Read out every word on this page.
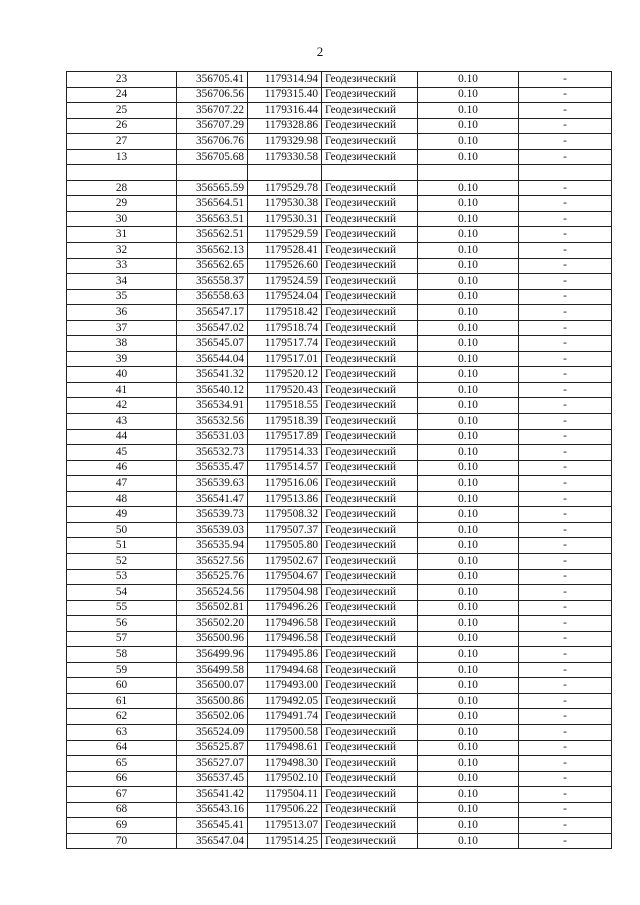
2
23	356705.41	1179314.94	Геодезический	0.10	-
24	356706.56	1179315.40	Геодезический	0.10	-
25	356707.22	1179316.44	Геодезический	0.10	-
26	356707.29	1179328.86	Геодезический	0.10	-
27	356706.76	1179329.98	Геодезический	0.10	-
13	356705.68	1179330.58	Геодезический	0.10	-

28	356565.59	1179529.78	Геодезический	0.10	-
29	356564.51	1179530.38	Геодезический	0.10	-
30	356563.51	1179530.31	Геодезический	0.10	-
31	356562.51	1179529.59	Геодезический	0.10	-
32	356562.13	1179528.41	Геодезический	0.10	-
33	356562.65	1179526.60	Геодезический	0.10	-
34	356558.37	1179524.59	Геодезический	0.10	-
35	356558.63	1179524.04	Геодезический	0.10	-
36	356547.17	1179518.42	Геодезический	0.10	-
37	356547.02	1179518.74	Геодезический	0.10	-
38	356545.07	1179517.74	Геодезический	0.10	-
39	356544.04	1179517.01	Геодезический	0.10	-
40	356541.32	1179520.12	Геодезический	0.10	-
41	356540.12	1179520.43	Геодезический	0.10	-
42	356534.91	1179518.55	Геодезический	0.10	-
43	356532.56	1179518.39	Геодезический	0.10	-
44	356531.03	1179517.89	Геодезический	0.10	-
45	356532.73	1179514.33	Геодезический	0.10	-
46	356535.47	1179514.57	Геодезический	0.10	-
47	356539.63	1179516.06	Геодезический	0.10	-
48	356541.47	1179513.86	Геодезический	0.10	-
49	356539.73	1179508.32	Геодезический	0.10	-
50	356539.03	1179507.37	Геодезический	0.10	-
51	356535.94	1179505.80	Геодезический	0.10	-
52	356527.56	1179502.67	Геодезический	0.10	-
53	356525.76	1179504.67	Геодезический	0.10	-
54	356524.56	1179504.98	Геодезический	0.10	-
55	356502.81	1179496.26	Геодезический	0.10	-
56	356502.20	1179496.58	Геодезический	0.10	-
57	356500.96	1179496.58	Геодезический	0.10	-
58	356499.96	1179495.86	Геодезический	0.10	-
59	356499.58	1179494.68	Геодезический	0.10	-
60	356500.07	1179493.00	Геодезический	0.10	-
61	356500.86	1179492.05	Геодезический	0.10	-
62	356502.06	1179491.74	Геодезический	0.10	-
63	356524.09	1179500.58	Геодезический	0.10	-
64	356525.87	1179498.61	Геодезический	0.10	-
65	356527.07	1179498.30	Геодезический	0.10	-
66	356537.45	1179502.10	Геодезический	0.10	-
67	356541.42	1179504.11	Геодезический	0.10	-
68	356543.16	1179506.22	Геодезический	0.10	-
69	356545.41	1179513.07	Геодезический	0.10	-
70	356547.04	1179514.25	Геодезический	0.10	-
